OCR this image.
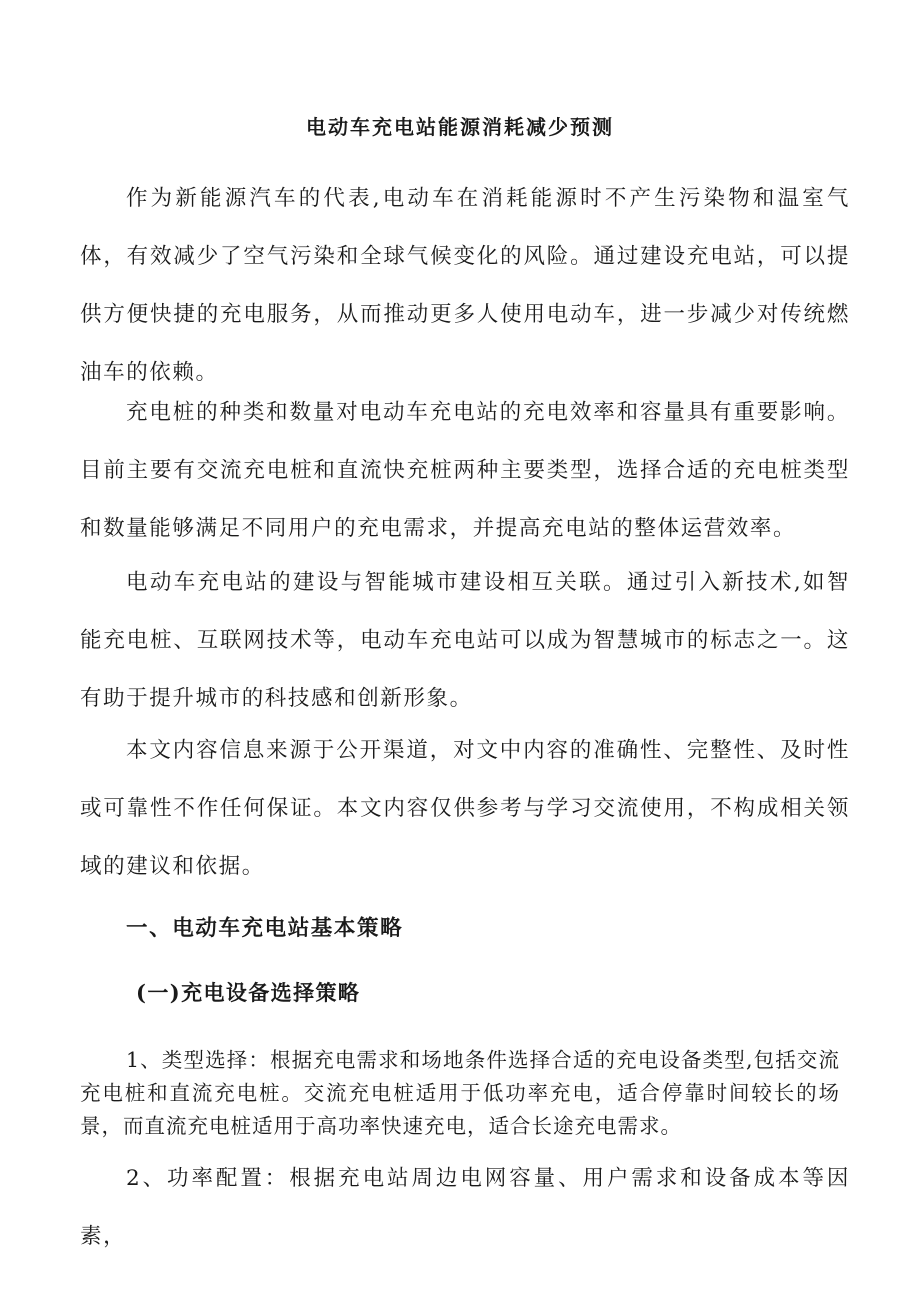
电动车充电站能源消耗减少预测

作为新能源汽车的代表,电动车在消耗能源时不产生污染物和温室气体，有效减少了空气污染和全球气候变化的风险。通过建设充电站，可以提供方便快捷的充电服务，从而推动更多人使用电动车，进一步减少对传统燃油车的依赖。

充电桩的种类和数量对电动车充电站的充电效率和容量具有重要影响。目前主要有交流充电桩和直流快充桩两种主要类型，选择合适的充电桩类型和数量能够满足不同用户的充电需求，并提高充电站的整体运营效率。

电动车充电站的建设与智能城市建设相互关联。通过引入新技术,如智能充电桩、互联网技术等，电动车充电站可以成为智慧城市的标志之一。这有助于提升城市的科技感和创新形象。

本文内容信息来源于公开渠道，对文中内容的准确性、完整性、及时性或可靠性不作任何保证。本文内容仅供参考与学习交流使用，不构成相关领域的建议和依据。

一、电动车充电站基本策略
(一)充电设备选择策略

1、类型选择：根据充电需求和场地条件选择合适的充电设备类型,包括交流充电桩和直流充电桩。交流充电桩适用于低功率充电，适合停靠时间较长的场景，而直流充电桩适用于高功率快速充电，适合长途充电需求。

2、功率配置：根据充电站周边电网容量、用户需求和设备成本等因素，
